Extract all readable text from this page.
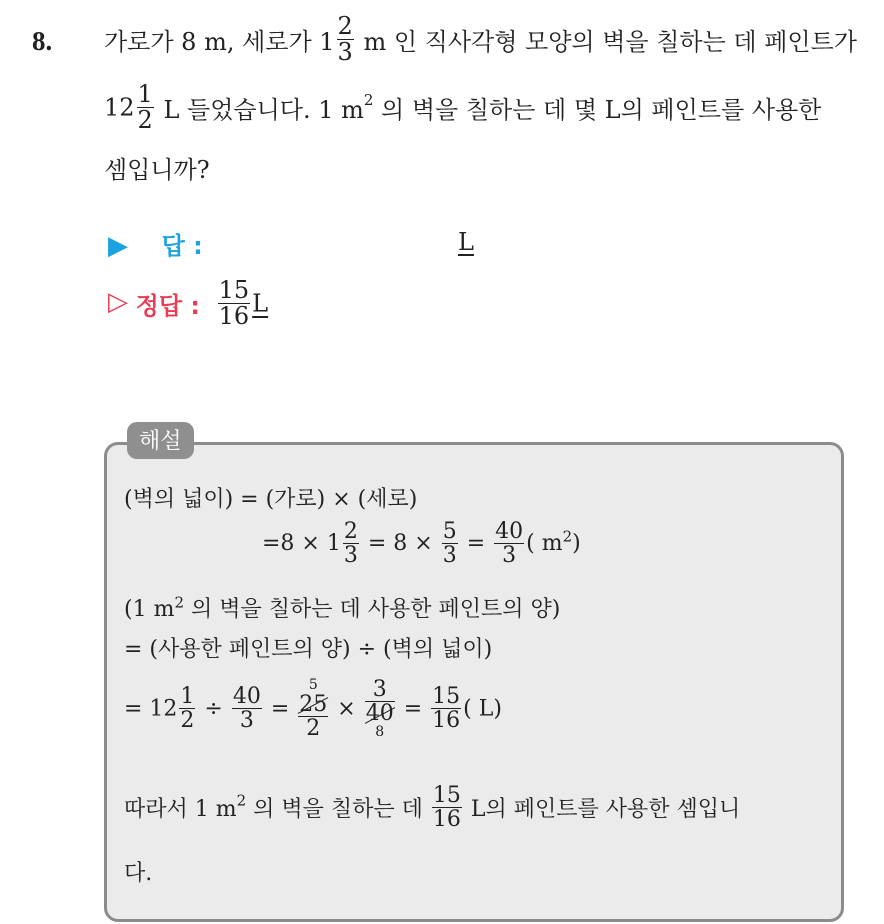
8. 가로가 8 m, 세로가 $1 \frac{2}{3}$ m 인 직사각형 모양의 벽을 칠하는 데 페인트가
$12 \frac{1}{2}$ L 들었습니다. 1 $m^2$ 의 벽을 칠하는 데 몇 L의 페인트를 사용한
셈입니까?
▶ 답 :	L
▷ 정답 : $\frac{15}{16}$ L
해설
(벽의 넓이) = (가로) × (세로)
$=8 \times 1 \frac{2}{3} = 8 \times \frac{5}{3} = \frac{40}{3}$ ( $m^2$)
(1 $m^2$ 의 벽을 칠하는 데 사용한 페인트의 양)
= (사용한 페인트의 양) ÷ (벽의 넓이)
= $12 \frac{1}{2} \div \frac{40}{3}$ =
5
25
2
×
3
40
8
= $\frac{15}{16}$ ( L)
따라서 1 $m^2$ 의 벽을 칠하는 데 $\frac{15}{16}$ L의 페인트를 사용한 셈입니
다.
